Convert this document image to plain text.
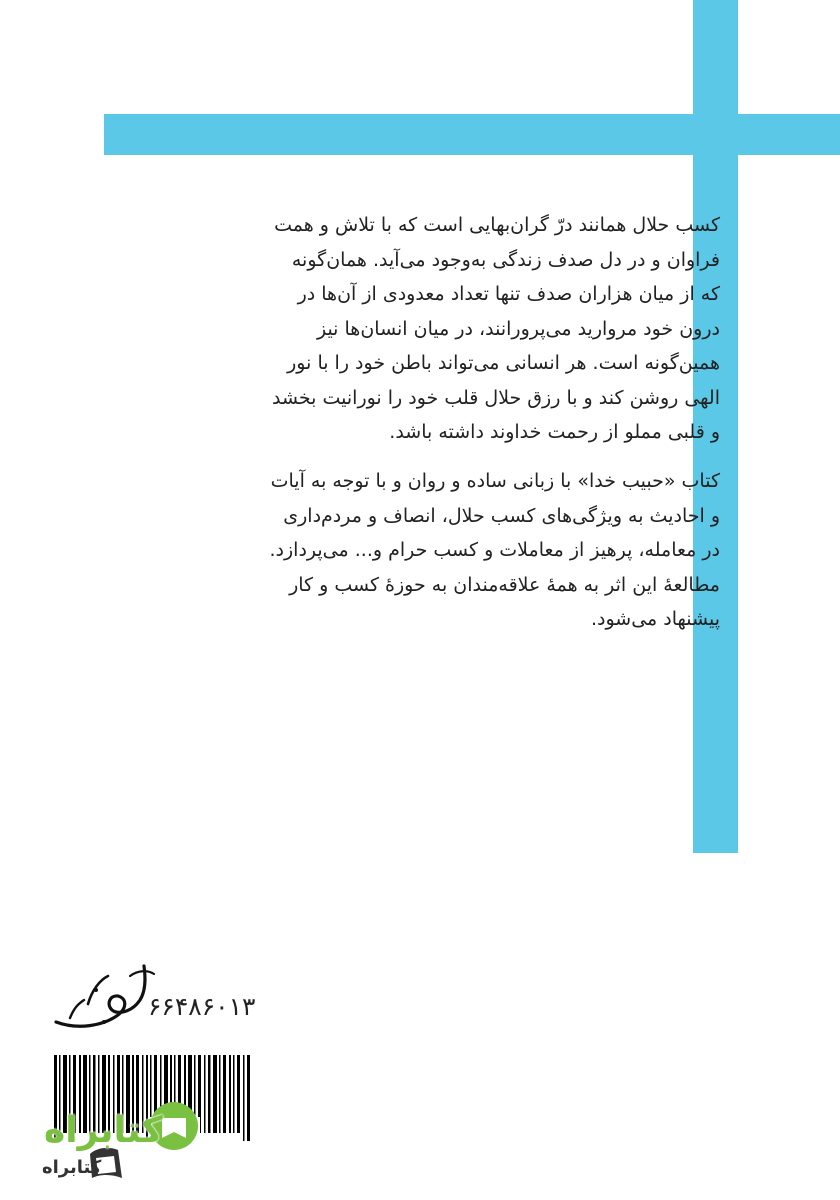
کسب حلال همانند درّ گران‌بهایی است که با تلاش و همت
فراوان و در دل صدف زندگی به‌وجود می‌آید. همان‌گونه
که از میان هزاران صدف تنها تعداد معدودی از آن‌ها در
درون خود مروارید می‌پرورانند، در میان انسان‌ها نیز
همین‌گونه است. هر انسانی می‌تواند باطن خود را با نور
الهی روشن کند و با رزق حلال قلب خود را نورانیت بخشد
و قلبی مملو از رحمت خداوند داشته باشد.
کتاب «حبیب خدا» با زبانی ساده و روان و با توجه به آیات
و احادیث به ویژگی‌های کسب حلال، انصاف و مردم‌داری
در معامله، پرهیز از معاملات و کسب حرام و... می‌پردازد.
مطالعهٔ این اثر به همهٔ علاقه‌مندان به حوزهٔ کسب و کار
پیشنهاد می‌شود.
۶۶۴۸۶۰۱۳
کتابراه
کتابراه
